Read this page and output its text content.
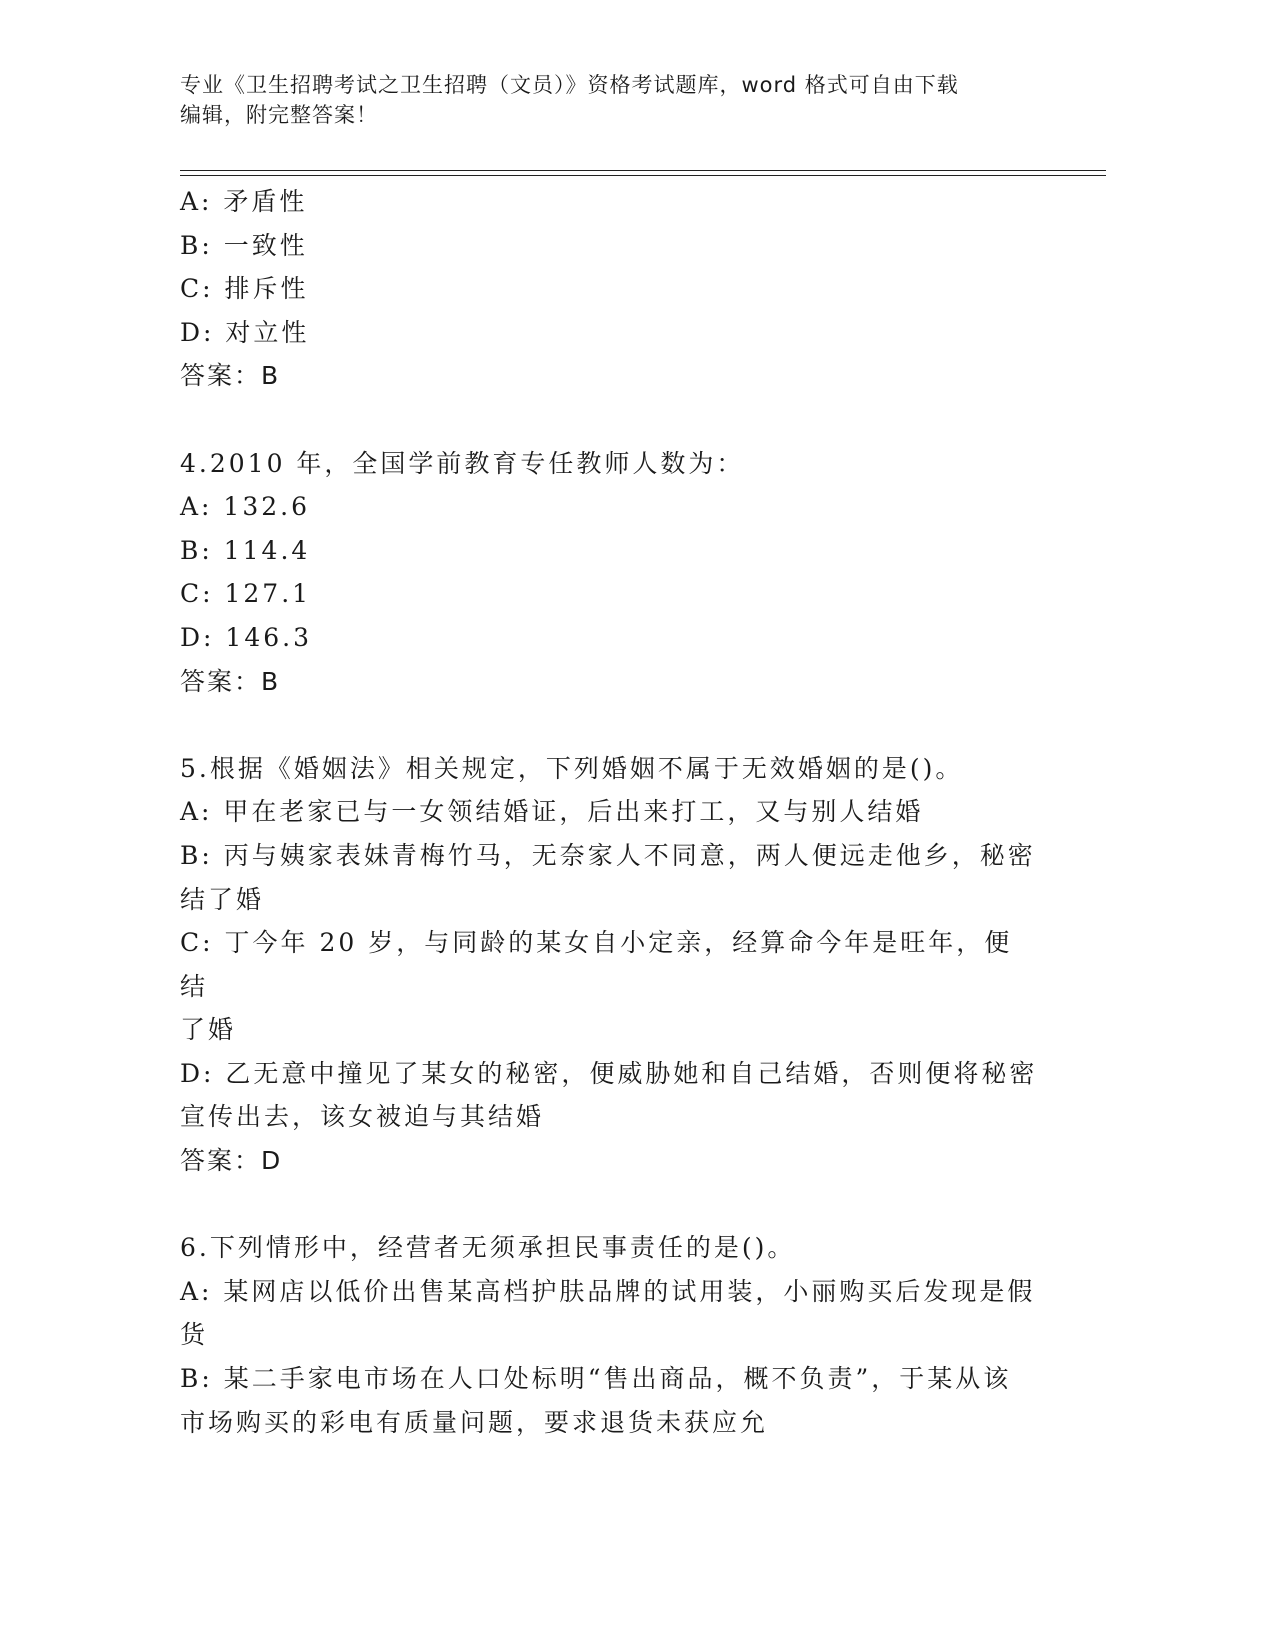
专业《卫生招聘考试之卫生招聘（文员）》资格考试题库，word 格式可自由下载
编辑，附完整答案！
A: 矛盾性
B: 一致性
C: 排斥性
D: 对立性
答案：B
4.2010 年，全国学前教育专任教师人数为：
A: 132.6
B: 114.4
C: 127.1
D: 146.3
答案：B
5.根据《婚姻法》相关规定，下列婚姻不属于无效婚姻的是()。
A: 甲在老家已与一女领结婚证，后出来打工，又与别人结婚
B: 丙与姨家表妹青梅竹马，无奈家人不同意，两人便远走他乡，秘密
结了婚
C: 丁今年 20 岁，与同龄的某女自小定亲，经算命今年是旺年，便结
了婚
D: 乙无意中撞见了某女的秘密，便威胁她和自己结婚，否则便将秘密
宣传出去，该女被迫与其结婚
答案：D
6.下列情形中，经营者无须承担民事责任的是()。
A: 某网店以低价出售某高档护肤品牌的试用装，小丽购买后发现是假
货
B: 某二手家电市场在人口处标明“售出商品，概不负责”，于某从该
市场购买的彩电有质量问题，要求退货未获应允
